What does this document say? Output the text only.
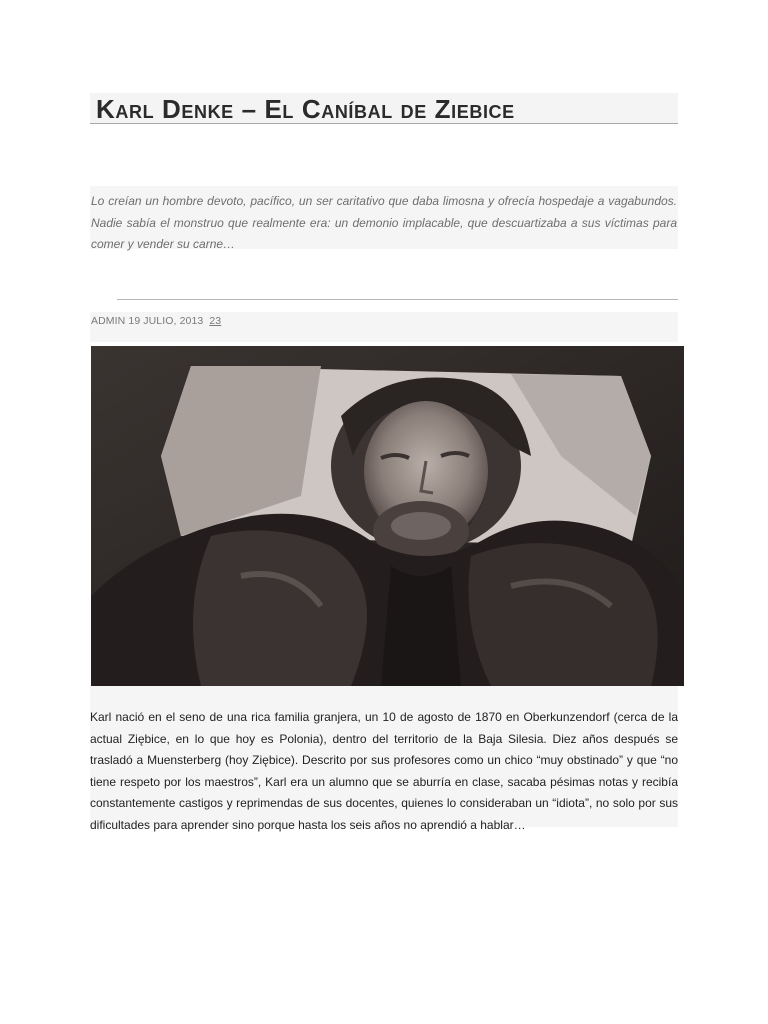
Karl Denke – El Caníbal de Ziebice

Lo creían un hombre devoto, pacífico, un ser caritativo que daba limosna y ofrecía hospedaje a vagabundos. Nadie sabía el monstruo que realmente era: un demonio implacable, que descuartizaba a sus víctimas para comer y vender su carne…

ADMIN 19 JULIO, 2013 23

Karl nació en el seno de una rica familia granjera, un 10 de agosto de 1870 en Oberkunzendorf (cerca de la actual Ziębice, en lo que hoy es Polonia), dentro del territorio de la Baja Silesia. Diez años después se trasladó a Muensterberg (hoy Ziębice). Descrito por sus profesores como un chico “muy obstinado” y que “no tiene respeto por los maestros”, Karl era un alumno que se aburría en clase, sacaba pésimas notas y recibía constantemente castigos y reprimendas de sus docentes, quienes lo consideraban un “idiota”, no solo por sus dificultades para aprender sino porque hasta los seis años no aprendió a hablar…
